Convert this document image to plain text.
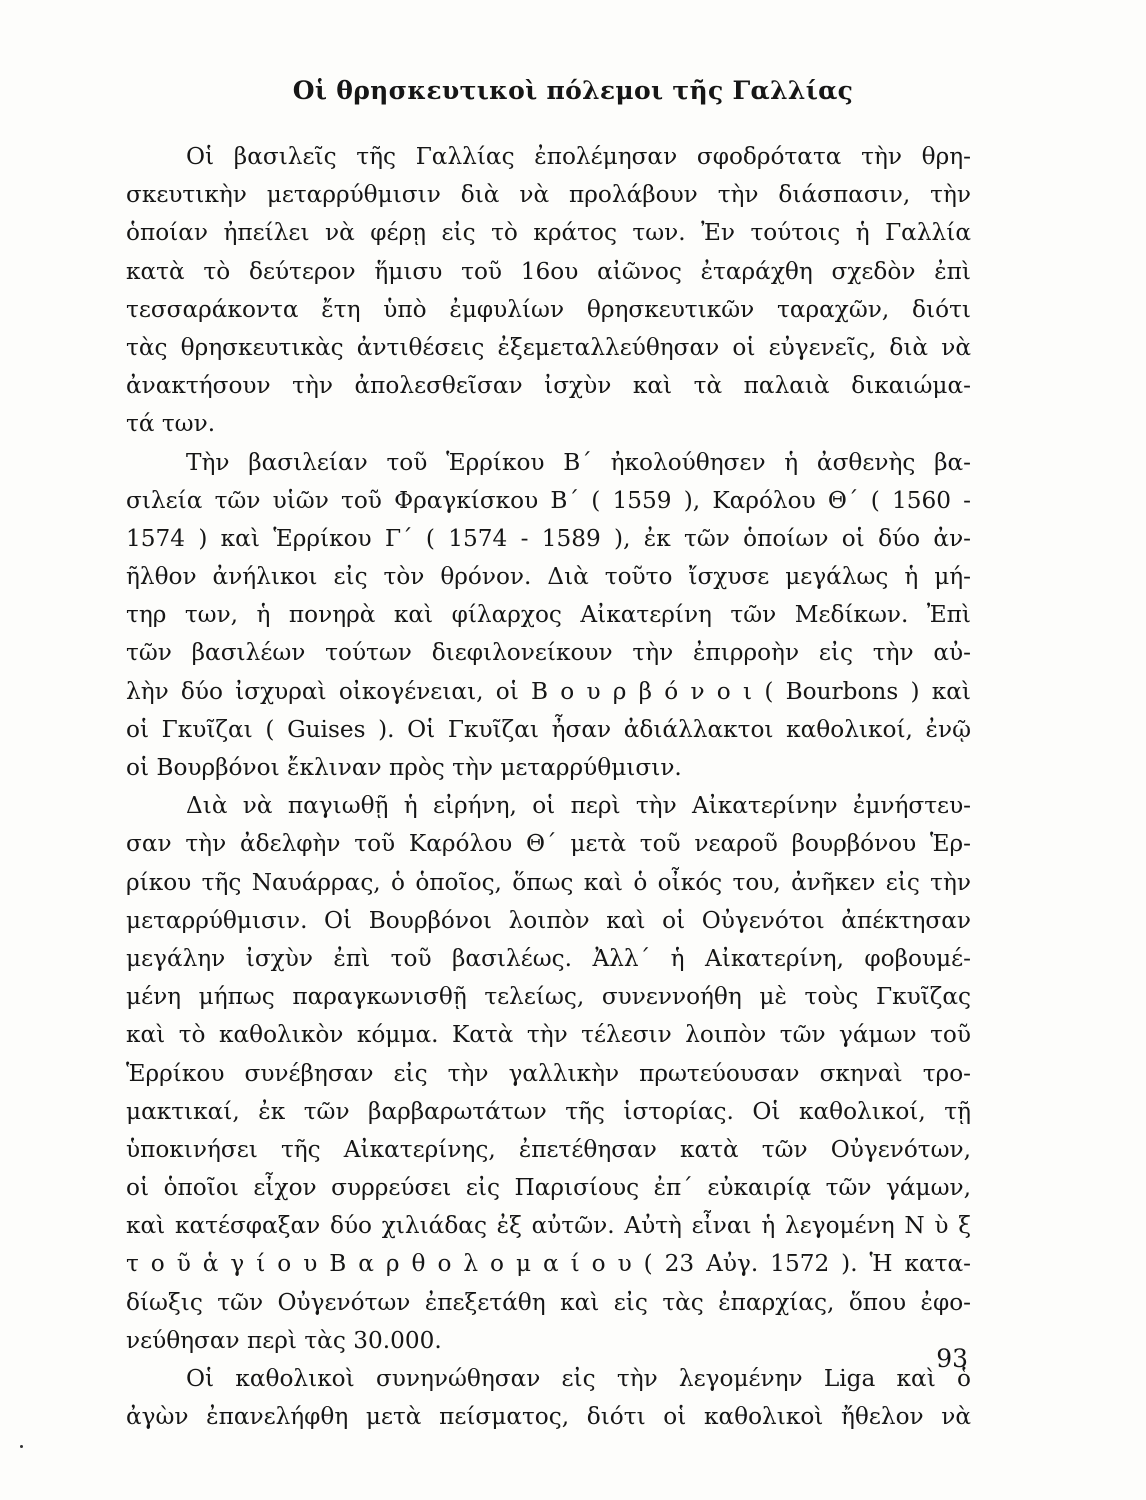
Οἱ θρησκευτικοὶ πόλεμοι τῆς Γαλλίας
Οἱ βασιλεῖς τῆς Γαλλίας ἐπολέμησαν σφοδρότατα τὴν θρη-
σκευτικὴν μεταρρύθμισιν διὰ νὰ προλάβουν τὴν διάσπασιν, τὴν
ὁποίαν ἠπείλει νὰ φέρῃ εἰς τὸ κράτος των. Ἐν τούτοις ἡ Γαλλία
κατὰ τὸ δεύτερον ἥμισυ τοῦ 16ου αἰῶνος ἐταράχθη σχεδὸν ἐπὶ
τεσσαράκοντα ἔτη ὑπὸ ἐμφυλίων θρησκευτικῶν ταραχῶν, διότι
τὰς θρησκευτικὰς ἀντιθέσεις ἐξεμεταλλεύθησαν οἱ εὐγενεῖς, διὰ νὰ
ἀνακτήσουν τὴν ἀπολεσθεῖσαν ἰσχὺν καὶ τὰ παλαιὰ δικαιώμα-
τά των.
Τὴν βασιλείαν τοῦ Ἑρρίκου Β΄ ἠκολούθησεν ἡ ἀσθενὴς βα-
σιλεία τῶν υἱῶν τοῦ Φραγκίσκου Β΄ ( 1559 ), Καρόλου Θ΄ ( 1560 -
1574 ) καὶ Ἑρρίκου Γ΄ ( 1574 - 1589 ), ἐκ τῶν ὁποίων οἱ δύο ἀν-
ῆλθον ἀνήλικοι εἰς τὸν θρόνον. Διὰ τοῦτο ἴσχυσε μεγάλως ἡ μή-
τηρ των, ἡ πονηρὰ καὶ φίλαρχος Αἰκατερίνη τῶν Μεδίκων. Ἐπὶ
τῶν βασιλέων τούτων διεφιλονείκουν τὴν ἐπιρροὴν εἰς τὴν αὐ-
λὴν δύο ἰσχυραὶ οἰκογένειαι, οἱ Β ο υ ρ β ό ν ο ι ( Bourbons ) καὶ
οἱ Γκυῖζαι ( Guises ). Οἱ Γκυῖζαι ἦσαν ἀδιάλλακτοι καθολικοί, ἐνῷ
οἱ Βουρβόνοι ἔκλιναν πρὸς τὴν μεταρρύθμισιν.
Διὰ νὰ παγιωθῇ ἡ εἰρήνη, οἱ περὶ τὴν Αἰκατερίνην ἐμνήστευ-
σαν τὴν ἀδελφὴν τοῦ Καρόλου Θ΄ μετὰ τοῦ νεαροῦ βουρβόνου Ἑρ-
ρίκου τῆς Ναυάρρας, ὁ ὁποῖος, ὅπως καὶ ὁ οἶκός του, ἀνῆκεν εἰς τὴν
μεταρρύθμισιν. Οἱ Βουρβόνοι λοιπὸν καὶ οἱ Οὐγενότοι ἀπέκτησαν
μεγάλην ἰσχὺν ἐπὶ τοῦ βασιλέως. Ἀλλ΄ ἡ Αἰκατερίνη, φοβουμέ-
μένη μήπως παραγκωνισθῇ τελείως, συνεννοήθη μὲ τοὺς Γκυῖζας
καὶ τὸ καθολικὸν κόμμα. Κατὰ τὴν τέλεσιν λοιπὸν τῶν γάμων τοῦ
Ἑρρίκου συνέβησαν εἰς τὴν γαλλικὴν πρωτεύουσαν σκηναὶ τρο-
μακτικαί, ἐκ τῶν βαρβαρωτάτων τῆς ἱστορίας. Οἱ καθολικοί, τῇ
ὑποκινήσει τῆς Αἰκατερίνης, ἐπετέθησαν κατὰ τῶν Οὐγενότων,
οἱ ὁποῖοι εἶχον συρρεύσει εἰς Παρισίους ἐπ΄ εὐκαιρίᾳ τῶν γάμων,
καὶ κατέσφαξαν δύο χιλιάδας ἐξ αὐτῶν. Αὐτὴ εἶναι ἡ λεγομένη Ν ὺ ξ
τ ο ῦ ἁ γ ί ο υ Β α ρ θ ο λ ο μ α ί ο υ ( 23 Αὐγ. 1572 ). Ἡ κατα-
δίωξις τῶν Οὐγενότων ἐπεξετάθη καὶ εἰς τὰς ἐπαρχίας, ὅπου ἐφο-
νεύθησαν περὶ τὰς 30.000.
Οἱ καθολικοὶ συνηνώθησαν εἰς τὴν λεγομένην Liga καὶ ὁ
ἀγὼν ἐπανελήφθη μετὰ πείσματος, διότι οἱ καθολικοὶ ἤθελον νὰ
93
